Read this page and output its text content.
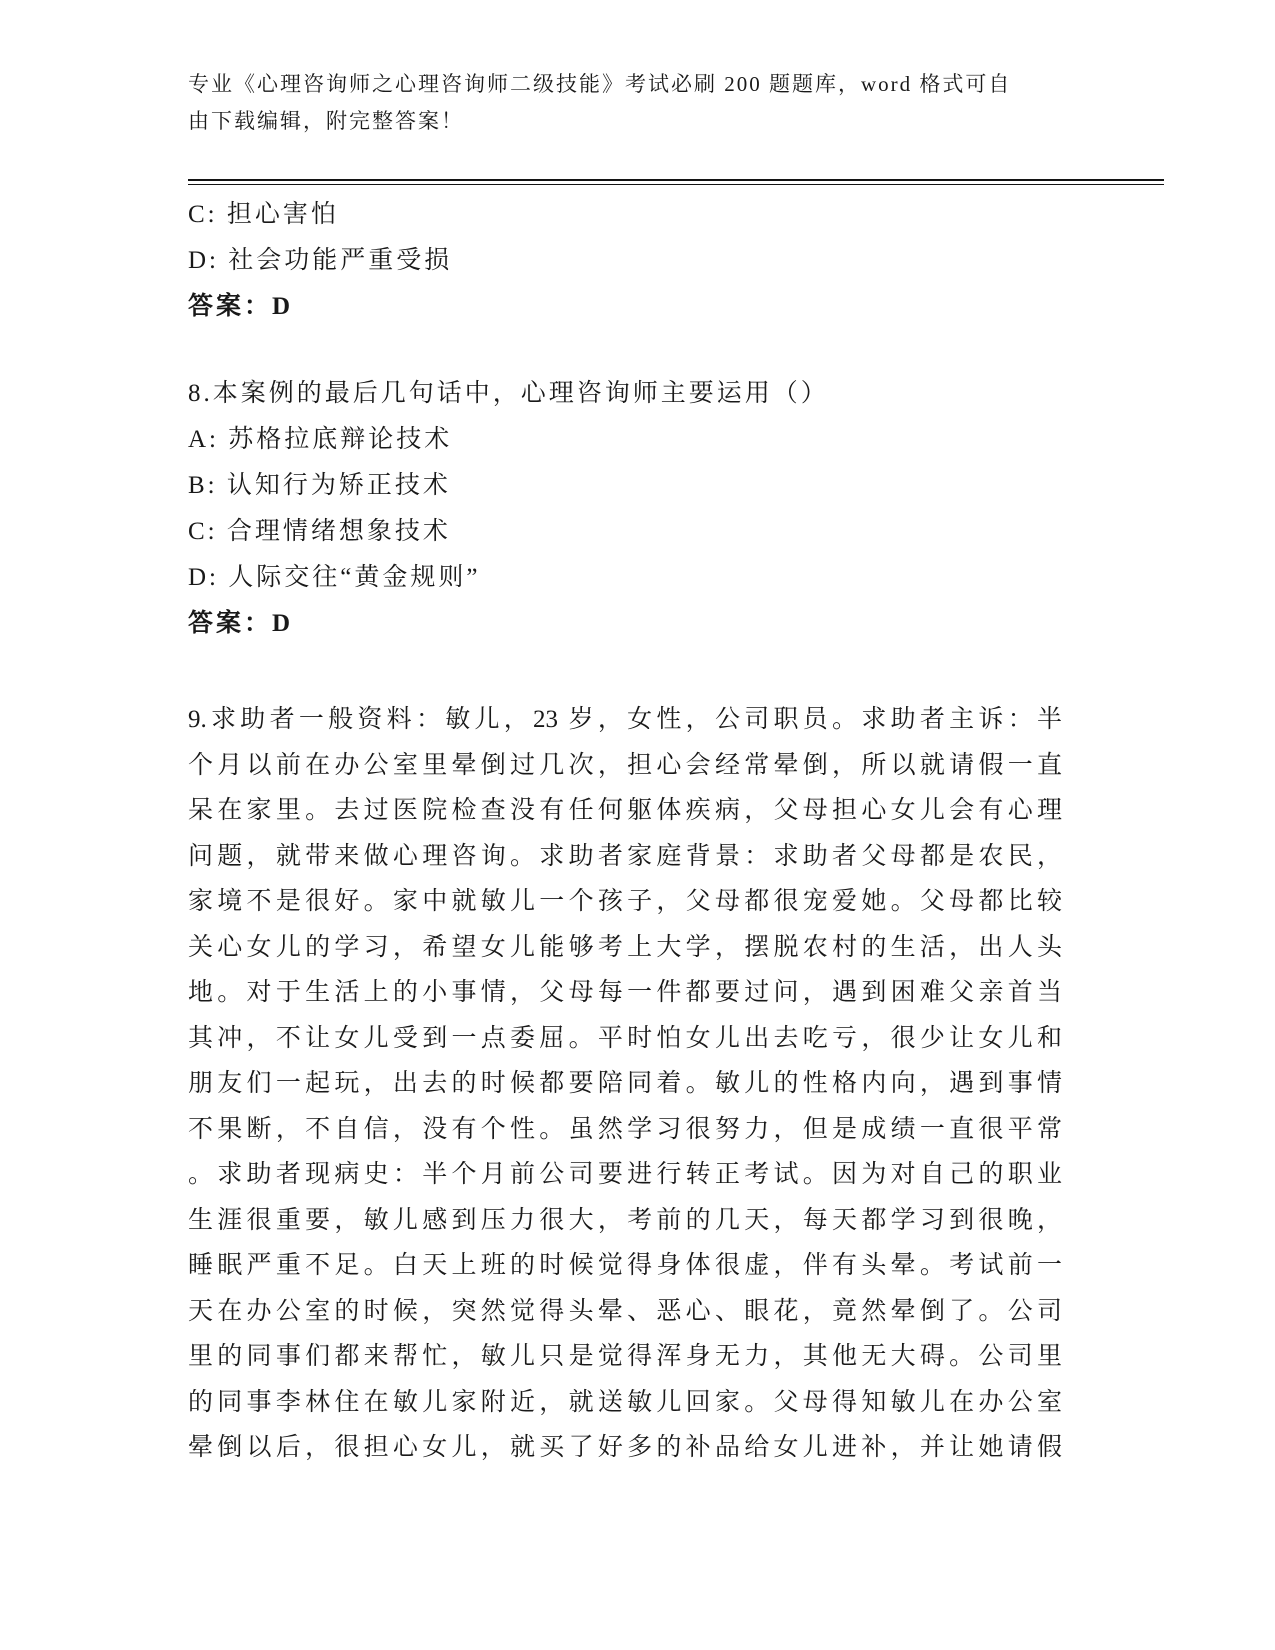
专业《心理咨询师之心理咨询师二级技能》考试必刷 200 题题库，word 格式可自
由下载编辑，附完整答案！
C: 担心害怕
D: 社会功能严重受损
答案：D
8.本案例的最后几句话中，心理咨询师主要运用（）
A: 苏格拉底辩论技术
B: 认知行为矫正技术
C: 合理情绪想象技术
D: 人际交往“黄金规则”
答案：D
9.求助者一般资料：敏儿，23 岁，女性，公司职员。求助者主诉：半
个月以前在办公室里晕倒过几次，担心会经常晕倒，所以就请假一直
呆在家里。去过医院检查没有任何躯体疾病，父母担心女儿会有心理
问题，就带来做心理咨询。求助者家庭背景：求助者父母都是农民，
家境不是很好。家中就敏儿一个孩子，父母都很宠爱她。父母都比较
关心女儿的学习，希望女儿能够考上大学，摆脱农村的生活，出人头
地。对于生活上的小事情，父母每一件都要过问，遇到困难父亲首当
其冲，不让女儿受到一点委屈。平时怕女儿出去吃亏，很少让女儿和
朋友们一起玩，出去的时候都要陪同着。敏儿的性格内向，遇到事情
不果断，不自信，没有个性。虽然学习很努力，但是成绩一直很平常
。求助者现病史：半个月前公司要进行转正考试。因为对自己的职业
生涯很重要，敏儿感到压力很大，考前的几天，每天都学习到很晚，
睡眠严重不足。白天上班的时候觉得身体很虚，伴有头晕。考试前一
天在办公室的时候，突然觉得头晕、恶心、眼花，竟然晕倒了。公司
里的同事们都来帮忙，敏儿只是觉得浑身无力，其他无大碍。公司里
的同事李林住在敏儿家附近，就送敏儿回家。父母得知敏儿在办公室
晕倒以后，很担心女儿，就买了好多的补品给女儿进补，并让她请假
